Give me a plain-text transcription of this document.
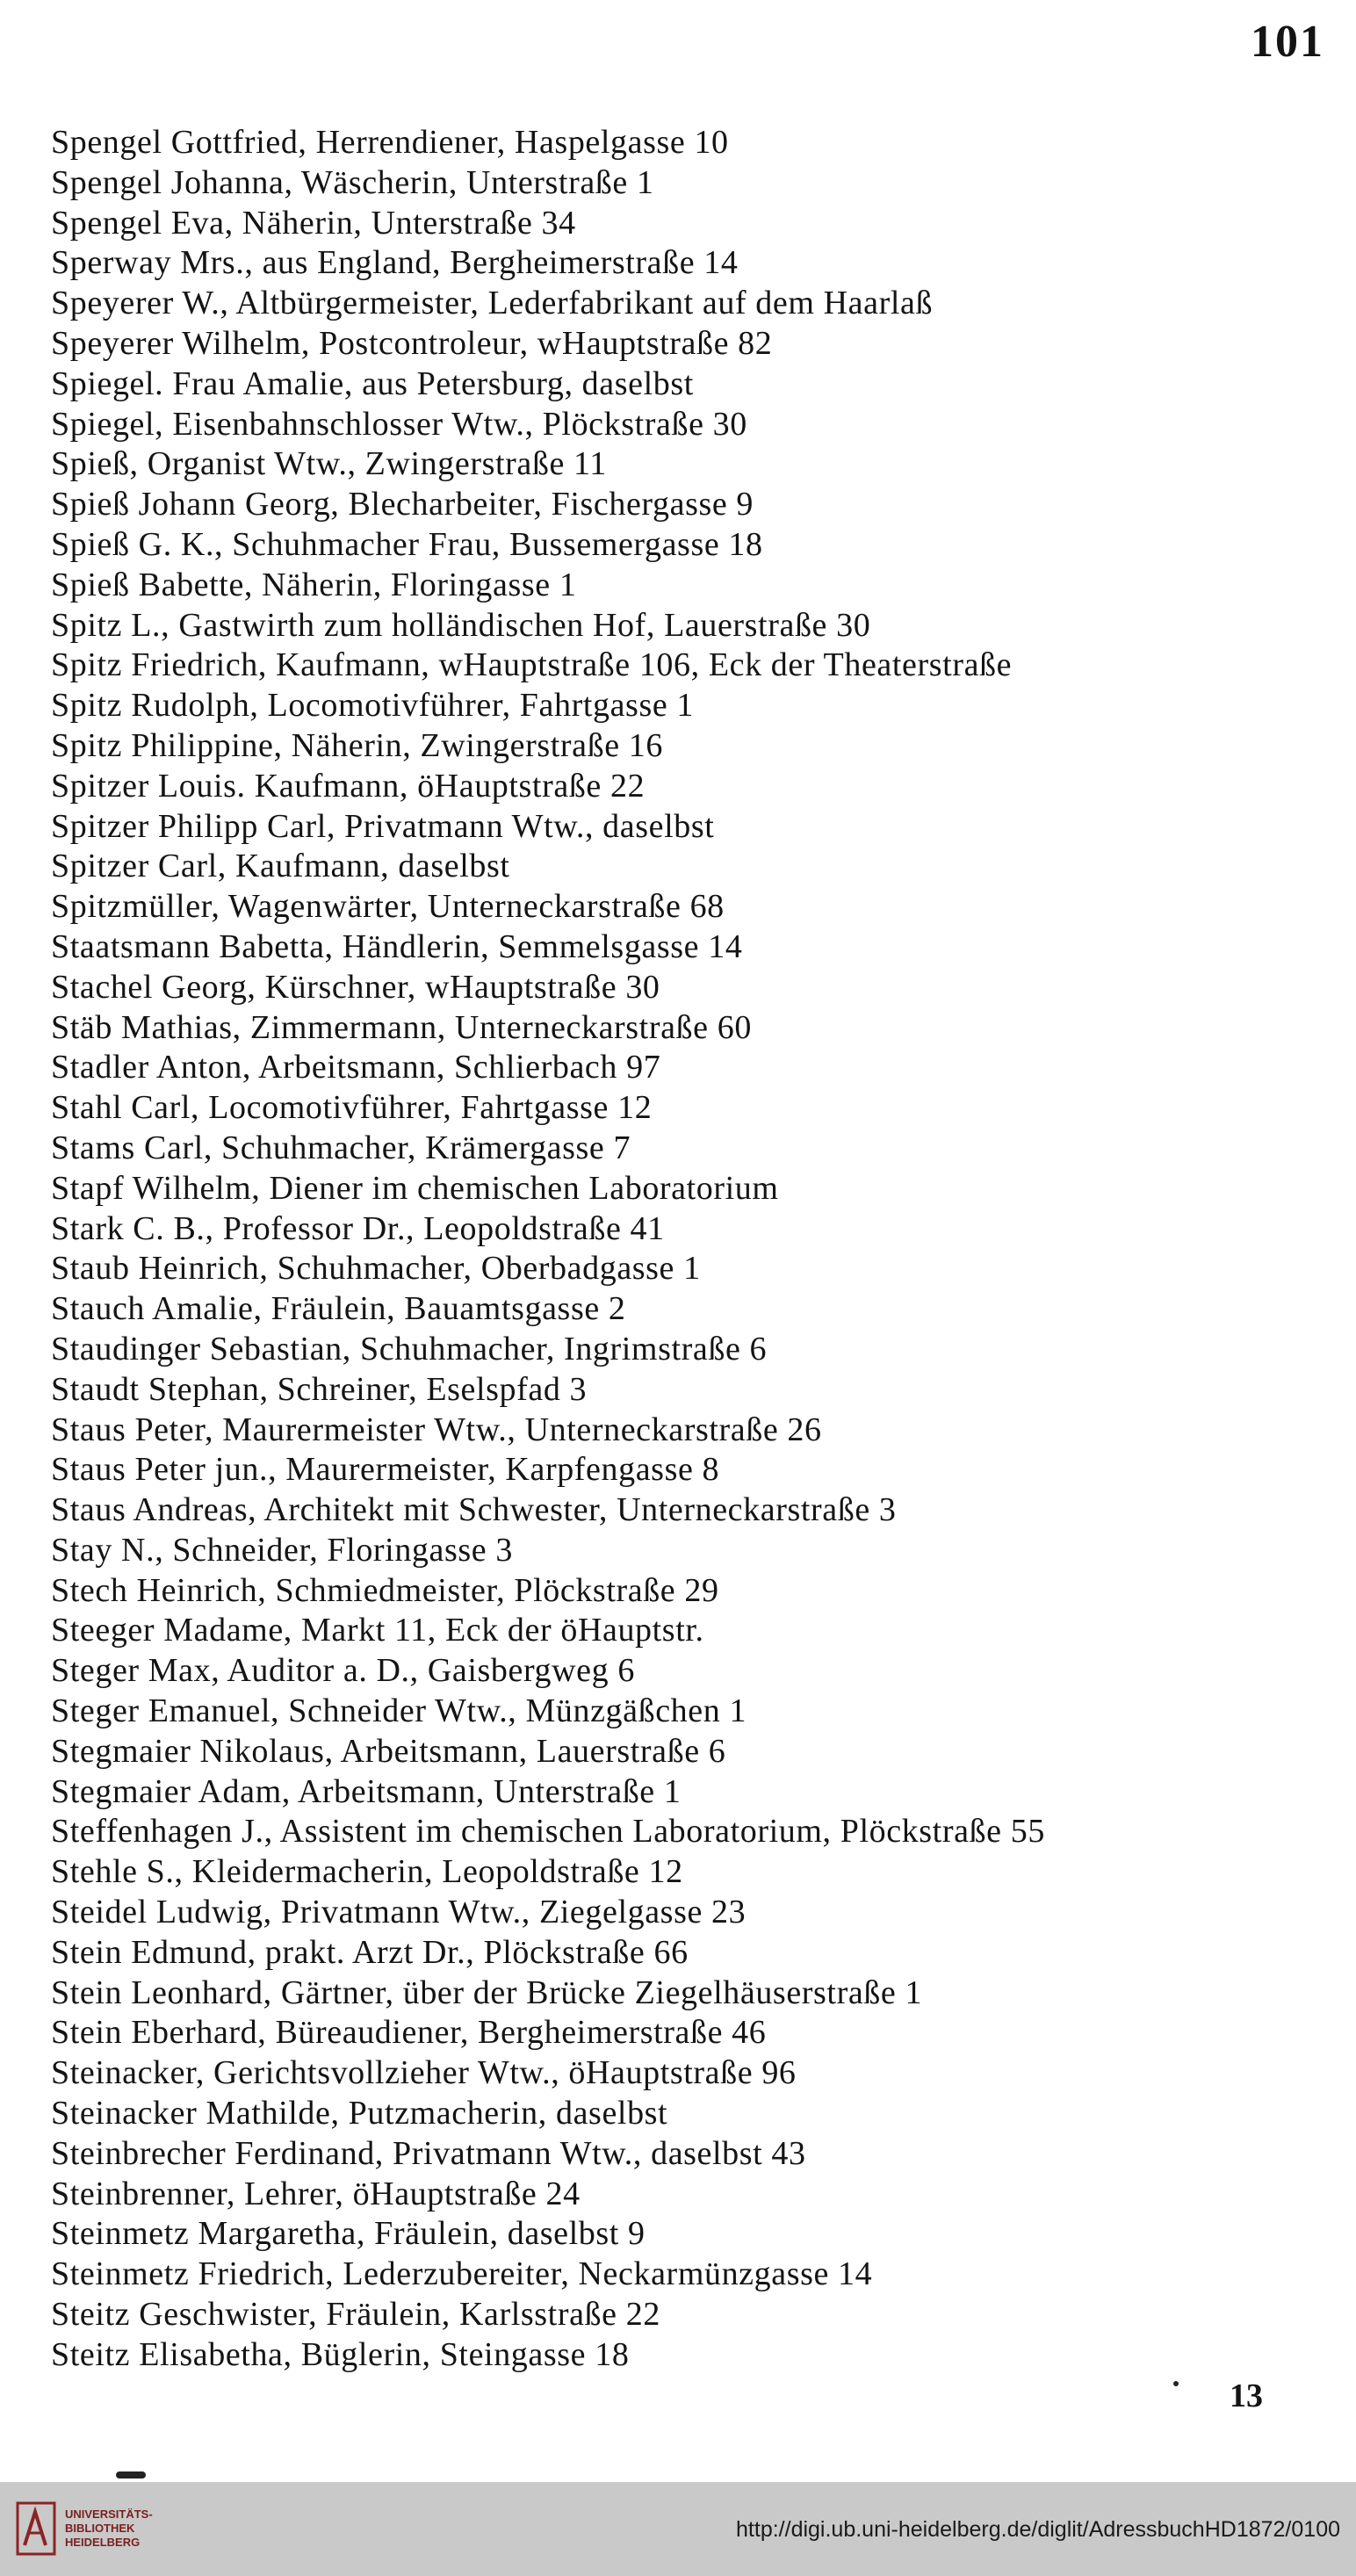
101
Spengel Gottfried, Herrendiener, Haspelgasse 10
Spengel Johanna, Wäscherin, Unterstraße 1
Spengel Eva, Näherin, Unterstraße 34
Sperway Mrs., aus England, Bergheimerstraße 14
Speyerer W., Altbürgermeister, Lederfabrikant auf dem Haarlaß
Speyerer Wilhelm, Postcontroleur, wHauptstraße 82
Spiegel. Frau Amalie, aus Petersburg, daselbst
Spiegel, Eisenbahnschlosser Wtw., Plöckstraße 30
Spieß, Organist Wtw., Zwingerstraße 11
Spieß Johann Georg, Blecharbeiter, Fischergasse 9
Spieß G. K., Schuhmacher Frau, Bussemergasse 18
Spieß Babette, Näherin, Floringasse 1
Spitz L., Gastwirth zum holländischen Hof, Lauerstraße 30
Spitz Friedrich, Kaufmann, wHauptstraße 106, Eck der Theaterstraße
Spitz Rudolph, Locomotivführer, Fahrtgasse 1
Spitz Philippine, Näherin, Zwingerstraße 16
Spitzer Louis. Kaufmann, öHauptstraße 22
Spitzer Philipp Carl, Privatmann Wtw., daselbst
Spitzer Carl, Kaufmann, daselbst
Spitzmüller, Wagenwärter, Unterneckarstraße 68
Staatsmann Babetta, Händlerin, Semmelsgasse 14
Stachel Georg, Kürschner, wHauptstraße 30
Stäb Mathias, Zimmermann, Unterneckarstraße 60
Stadler Anton, Arbeitsmann, Schlierbach 97
Stahl Carl, Locomotivführer, Fahrtgasse 12
Stams Carl, Schuhmacher, Krämergasse 7
Stapf Wilhelm, Diener im chemischen Laboratorium
Stark C. B., Professor Dr., Leopoldstraße 41
Staub Heinrich, Schuhmacher, Oberbadgasse 1
Stauch Amalie, Fräulein, Bauamtsgasse 2
Staudinger Sebastian, Schuhmacher, Ingrimstraße 6
Staudt Stephan, Schreiner, Eselspfad 3
Staus Peter, Maurermeister Wtw., Unterneckarstraße 26
Staus Peter jun., Maurermeister, Karpfengasse 8
Staus Andreas, Architekt mit Schwester, Unterneckarstraße 3
Stay N., Schneider, Floringasse 3
Stech Heinrich, Schmiedmeister, Plöckstraße 29
Steeger Madame, Markt 11, Eck der öHauptstr.
Steger Max, Auditor a. D., Gaisbergweg 6
Steger Emanuel, Schneider Wtw., Münzgäßchen 1
Stegmaier Nikolaus, Arbeitsmann, Lauerstraße 6
Stegmaier Adam, Arbeitsmann, Unterstraße 1
Steffenhagen J., Assistent im chemischen Laboratorium, Plöckstraße 55
Stehle S., Kleidermacherin, Leopoldstraße 12
Steidel Ludwig, Privatmann Wtw., Ziegelgasse 23
Stein Edmund, prakt. Arzt Dr., Plöckstraße 66
Stein Leonhard, Gärtner, über der Brücke Ziegelhäuserstraße 1
Stein Eberhard, Büreaudiener, Bergheimerstraße 46
Steinacker, Gerichtsvollzieher Wtw., öHauptstraße 96
Steinacker Mathilde, Putzmacherin, daselbst
Steinbrecher Ferdinand, Privatmann Wtw., daselbst 43
Steinbrenner, Lehrer, öHauptstraße 24
Steinmetz Margaretha, Fräulein, daselbst 9
Steinmetz Friedrich, Lederzubereiter, Neckarmünzgasse 14
Steitz Geschwister, Fräulein, Karlsstraße 22
Steitz Elisabetha, Büglerin, Steingasse 18
13
UNIVERSITÄTS-
BIBLIOTHEK
HEIDELBERG
http://digi.ub.uni-heidelberg.de/diglit/AdressbuchHD1872/0100
